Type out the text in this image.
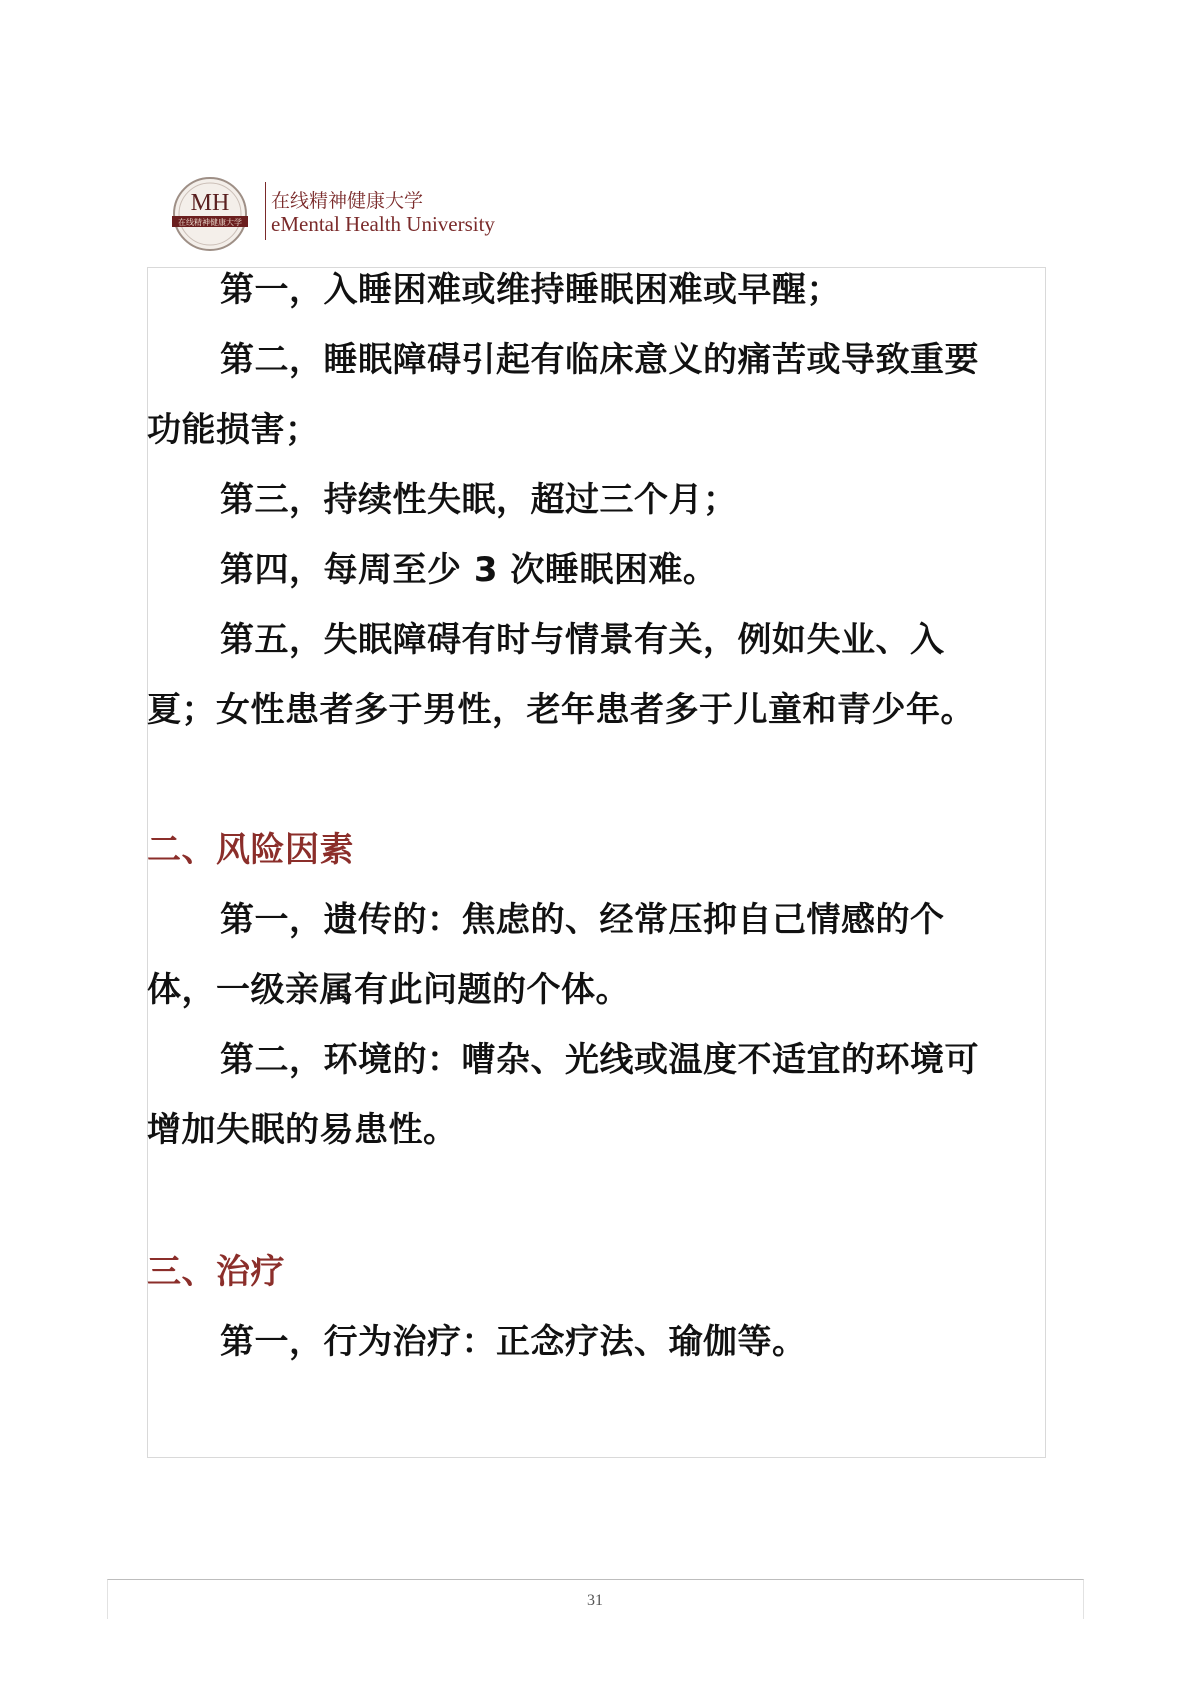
MH
在线精神健康大学
在线精神健康大学
eMental Health University
第一，入睡困难或维持睡眠困难或早醒；
第二，睡眠障碍引起有临床意义的痛苦或导致重要
功能损害；
第三，持续性失眠，超过三个月；
第四，每周至少 3 次睡眠困难。
第五，失眠障碍有时与情景有关，例如失业、入
夏；女性患者多于男性，老年患者多于儿童和青少年。
二、风险因素
第一，遗传的：焦虑的、经常压抑自己情感的个
体，一级亲属有此问题的个体。
第二，环境的：嘈杂、光线或温度不适宜的环境可
增加失眠的易患性。
三、治疗
第一，行为治疗：正念疗法、瑜伽等。
31
